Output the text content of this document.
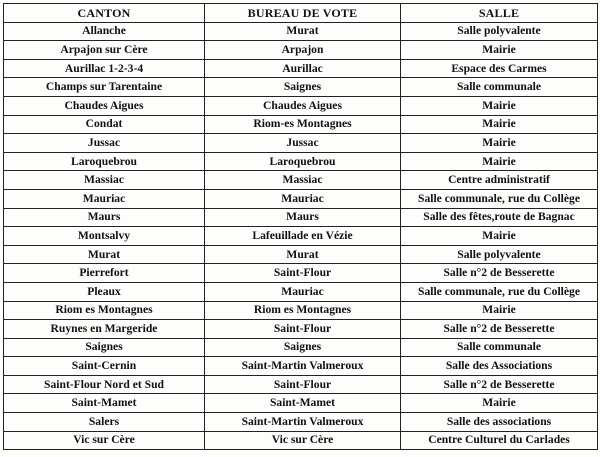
CANTON	BUREAU DE VOTE	SALLE
Allanche	Murat	Salle polyvalente
Arpajon sur Cère	Arpajon	Mairie
Aurillac 1-2-3-4	Aurillac	Espace des Carmes
Champs sur Tarentaine	Saignes	Salle communale
Chaudes Aigues	Chaudes Aigues	Mairie
Condat	Riom-es Montagnes	Mairie
Jussac	Jussac	Mairie
Laroquebrou	Laroquebrou	Mairie
Massiac	Massiac	Centre administratif
Mauriac	Mauriac	Salle communale, rue du Collège
Maurs	Maurs	Salle des fêtes,route de Bagnac
Montsalvy	Lafeuillade en Vézie	Mairie
Murat	Murat	Salle polyvalente
Pierrefort	Saint-Flour	Salle n°2 de Besserette
Pleaux	Mauriac	Salle communale, rue du Collège
Riom es Montagnes	Riom es Montagnes	Mairie
Ruynes en Margeride	Saint-Flour	Salle n°2 de Besserette
Saignes	Saignes	Salle communale
Saint-Cernin	Saint-Martin Valmeroux	Salle des Associations
Saint-Flour Nord et Sud	Saint-Flour	Salle n°2 de Besserette
Saint-Mamet	Saint-Mamet	Mairie
Salers	Saint-Martin Valmeroux	Salle des associations
Vic sur Cère	Vic sur Cère	Centre Culturel du Carlades
